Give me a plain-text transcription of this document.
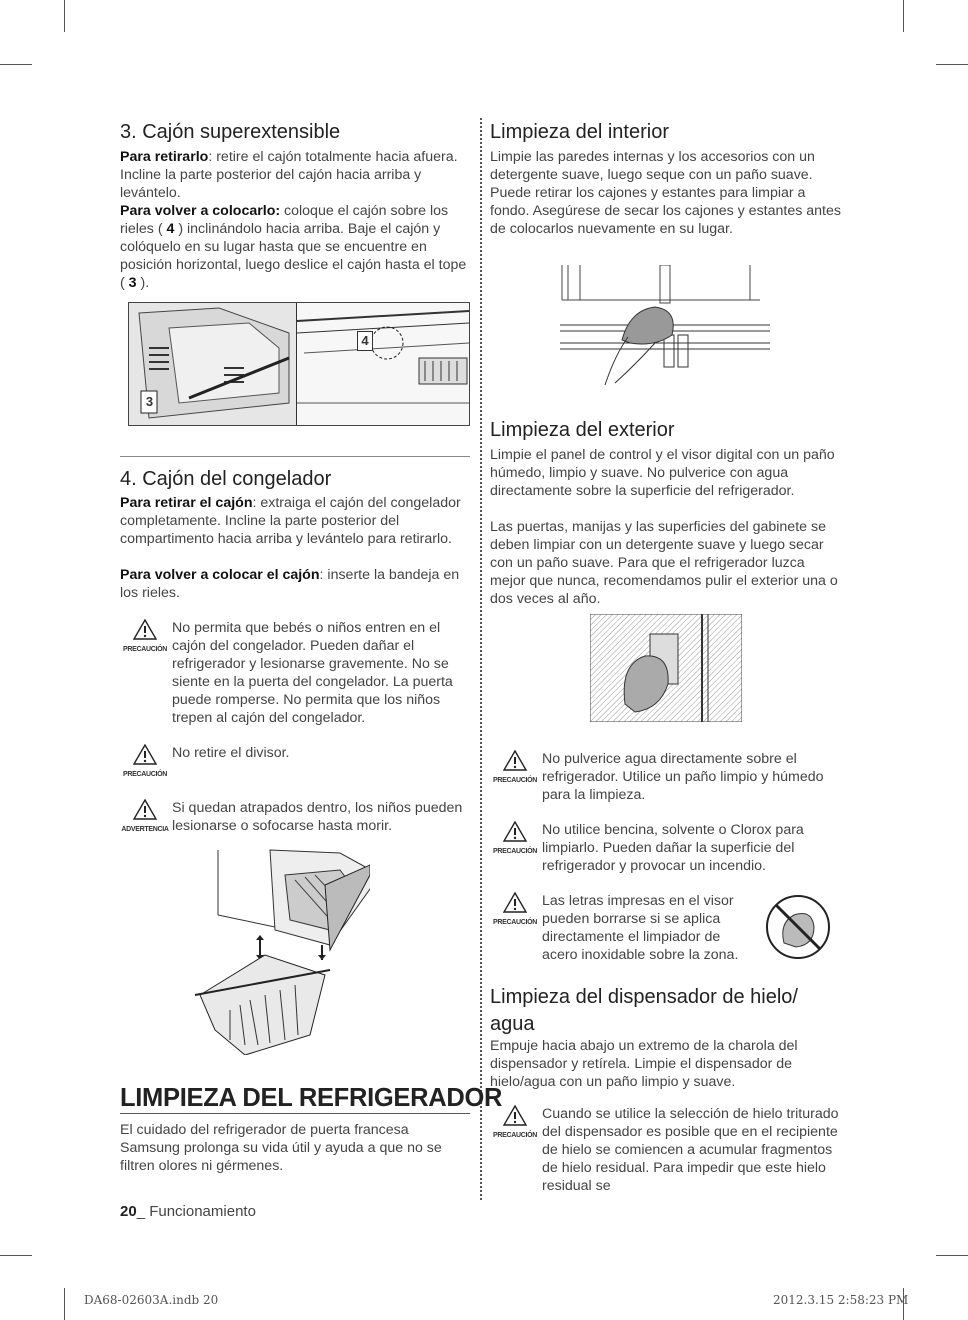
3. Cajón superextensible

Para retirarlo: retire el cajón totalmente hacia afuera. Incline la parte posterior del cajón hacia arriba y levántelo.

Para volver a colocarlo: coloque el cajón sobre los rieles ( 4 ) inclinándolo hacia arriba. Baje el cajón y colóquelo en su lugar hasta que se encuentre en posición horizontal, luego deslice el cajón hasta el tope ( 3 ).

3
4
4. Cajón del congelador

Para retirar el cajón: extraiga el cajón del congelador completamente. Incline la parte posterior del compartimento hacia arriba y levántelo para retirarlo.

Para volver a colocar el cajón: inserte la bandeja en los rieles.

PRECAUCIÓN
No permita que bebés o niños entren en el cajón del congelador. Pueden dañar el refrigerador y lesionarse gravemente. No se siente en la puerta del congelador. La puerta puede romperse. No permita que los niños trepen al cajón del congelador.
PRECAUCIÓN
No retire el divisor.
ADVERTENCIA
Si quedan atrapados dentro, los niños pueden lesionarse o sofocarse hasta morir.
LIMPIEZA DEL REFRIGERADOR

El cuidado del refrigerador de puerta francesa Samsung prolonga su vida útil y ayuda a que no se filtren olores ni gérmenes.

20_ Funcionamiento
Limpieza del interior

Limpie las paredes internas y los accesorios con un detergente suave, luego seque con un paño suave. Puede retirar los cajones y estantes para limpiar a fondo. Asegúrese de secar los cajones y estantes antes de colocarlos nuevamente en su lugar.

Limpieza del exterior

Limpie el panel de control y el visor digital con un paño húmedo, limpio y suave. No pulverice con agua directamente sobre la superficie del refrigerador.

Las puertas, manijas y las superficies del gabinete se deben limpiar con un detergente suave y luego secar con un paño suave. Para que el refrigerador luzca mejor que nunca, recomendamos pulir el exterior una o dos veces al año.

PRECAUCIÓN
No pulverice agua directamente sobre el refrigerador. Utilice un paño limpio y húmedo para la limpieza.
PRECAUCIÓN
No utilice bencina, solvente o Clorox para limpiarlo. Pueden dañar la superficie del refrigerador y provocar un incendio.
PRECAUCIÓN
Las letras impresas en el visor pueden borrarse si se aplica directamente el limpiador de acero inoxidable sobre la zona.
Limpieza del dispensador de hielo/ agua

Empuje hacia abajo un extremo de la charola del dispensador y retírela. Limpie el dispensador de hielo/agua con un paño limpio y suave.

PRECAUCIÓN
Cuando se utilice la selección de hielo triturado del dispensador es posible que en el recipiente de hielo se comiencen a acumular fragmentos de hielo residual. Para impedir que este hielo residual se
DA68-02603A.indb 20	2012.3.15 2:58:23 PM
